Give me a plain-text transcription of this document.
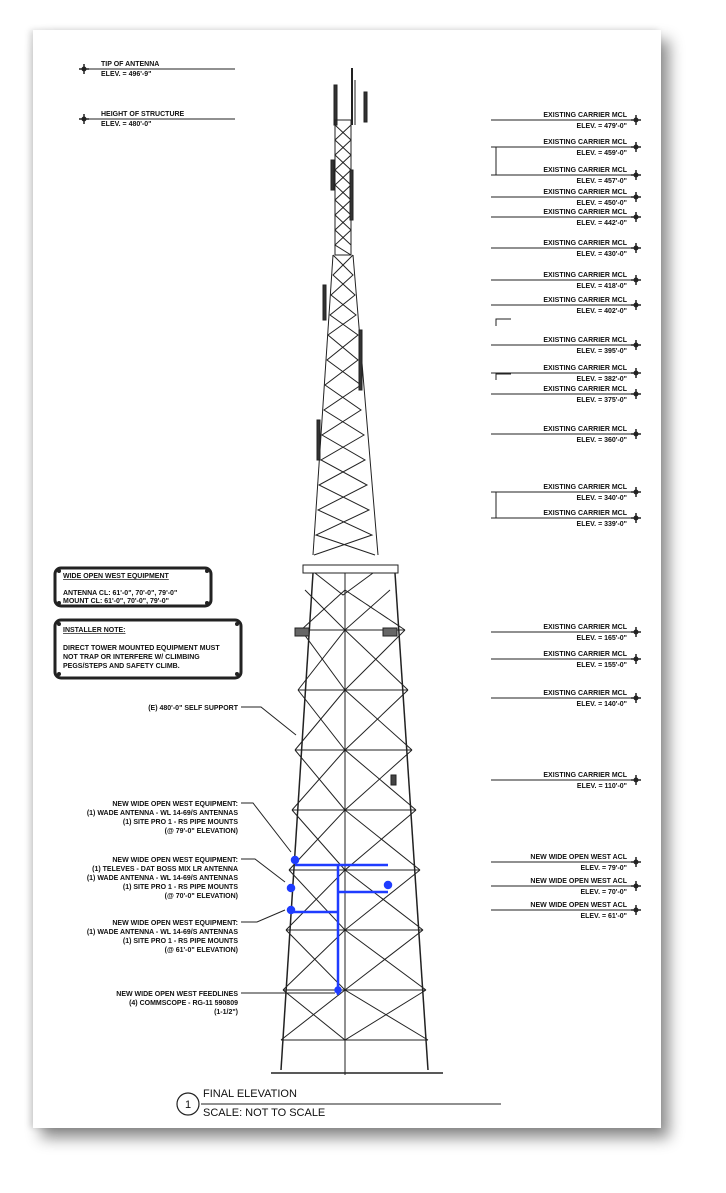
TIP OF ANTENNA
ELEV. = 496'-9"
HEIGHT OF STRUCTURE
ELEV. = 480'-0"
EXISTING CARRIER MCL
ELEV. = 479'-0"
EXISTING CARRIER MCL
ELEV. = 459'-0"
EXISTING CARRIER MCL
ELEV. = 457'-0"
EXISTING CARRIER MCL
ELEV. = 450'-0"
EXISTING CARRIER MCL
ELEV. = 442'-0"
EXISTING CARRIER MCL
ELEV. = 430'-0"
EXISTING CARRIER MCL
ELEV. = 418'-0"
EXISTING CARRIER MCL
ELEV. = 402'-0"
EXISTING CARRIER MCL
ELEV. = 395'-0"
EXISTING CARRIER MCL
ELEV. = 382'-0"
EXISTING CARRIER MCL
ELEV. = 375'-0"
EXISTING CARRIER MCL
ELEV. = 360'-0"
EXISTING CARRIER MCL
ELEV. = 340'-0"
EXISTING CARRIER MCL
ELEV. = 339'-0"
EXISTING CARRIER MCL
ELEV. = 165'-0"
EXISTING CARRIER MCL
ELEV. = 155'-0"
EXISTING CARRIER MCL
ELEV. = 140'-0"
EXISTING CARRIER MCL
ELEV. = 110'-0"
NEW WIDE OPEN WEST ACL
ELEV. = 79'-0"
NEW WIDE OPEN WEST ACL
ELEV. = 70'-0"
NEW WIDE OPEN WEST ACL
ELEV. = 61'-0"
WIDE OPEN WEST EQUIPMENT
ANTENNA CL: 61'-0", 70'-0", 79'-0"
MOUNT CL: 61'-0", 70'-0", 79'-0"
INSTALLER NOTE:
DIRECT TOWER MOUNTED EQUIPMENT MUST
NOT TRAP OR INTERFERE W/ CLIMBING
PEGS/STEPS AND SAFETY CLIMB.
(E) 480'-0" SELF SUPPORT
NEW WIDE OPEN WEST EQUIPMENT:
(1) WADE ANTENNA - WL 14-69/S ANTENNAS
(1) SITE PRO 1 - RS PIPE MOUNTS
(@ 79'-0" ELEVATION)
NEW WIDE OPEN WEST EQUIPMENT:
(1) TELEVES - DAT BOSS MIX LR ANTENNA
(1) WADE ANTENNA - WL 14-69/S ANTENNAS
(1) SITE PRO 1 - RS PIPE MOUNTS
(@ 70'-0" ELEVATION)
NEW WIDE OPEN WEST EQUIPMENT:
(1) WADE ANTENNA - WL 14-69/S ANTENNAS
(1) SITE PRO 1 - RS PIPE MOUNTS
(@ 61'-0" ELEVATION)
NEW WIDE OPEN WEST FEEDLINES
(4) COMMSCOPE - RG-11 590809
(1-1/2")
1
FINAL ELEVATION
SCALE: NOT TO SCALE
